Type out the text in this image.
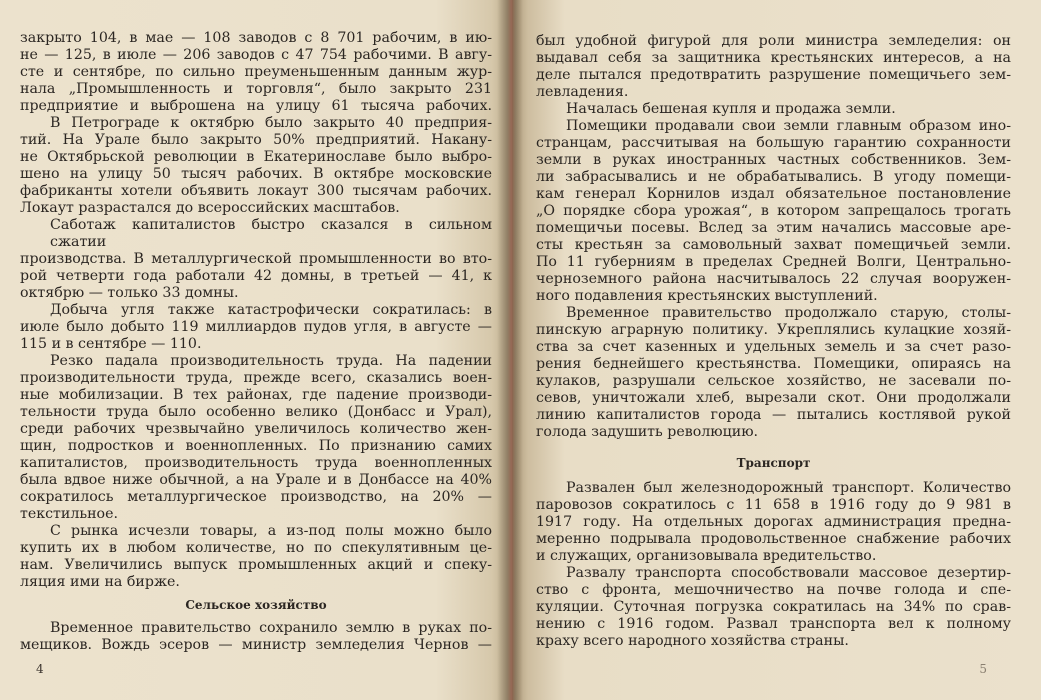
закрыто 104, в мае — 108 заводов с 8 701 рабочим, в ию-
не — 125, в июле — 206 заводов с 47 754 рабочими. В авгу-
сте и сентябре, по сильно преуменьшенным данным жур-
нала „Промышленность и торговля“, было закрыто 231
предприятие и выброшена на улицу 61 тысяча рабочих.
В Петрограде к октябрю было закрыто 40 предприя-
тий. На Урале было закрыто 50% предприятий. Накану-
не Октябрьской революции в Екатеринославе было выбро-
шено на улицу 50 тысяч рабочих. В октябре московские
фабриканты хотели объявить локаут 300 тысячам рабочих.
Локаут разрастался до всероссийских масштабов.
Саботаж капиталистов быстро сказался в сильном сжатии
производства. В металлургической промышленности во вто-
рой четверти года работали 42 домны, в третьей — 41, к
октябрю — только 33 домны.
Добыча угля также катастрофически сократилась: в
июле было добыто 119 миллиардов пудов угля, в августе —
115 и в сентябре — 110.
Резко падала производительность труда. На падении
производительности труда, прежде всего, сказались воен-
ные мобилизации. В тех районах, где падение производи-
тельности труда было особенно велико (Донбасс и Урал),
среди рабочих чрезвычайно увеличилось количество жен-
щин, подростков и военнопленных. По признанию самих
капиталистов, производительность труда военнопленных
была вдвое ниже обычной, а на Урале и в Донбассе на 40%
сократилось металлургическое производство, на 20% —
текстильное.
С рынка исчезли товары, а из-под полы можно было
купить их в любом количестве, но по спекулятивным це-
нам. Увеличились выпуск промышленных акций и спеку-
ляция ими на бирже.
Сельское хозяйство
Временное правительство сохранило землю в руках по-
мещиков. Вождь эсеров — министр земледелия Чернов —
4
был удобной фигурой для роли министра земледелия: он
выдавал себя за защитника крестьянских интересов, а на
деле пытался предотвратить разрушение помещичьего зем-
левладения.
Началась бешеная купля и продажа земли.
Помещики продавали свои земли главным образом ино-
странцам, рассчитывая на большую гарантию сохранности
земли в руках иностранных частных собственников. Зем-
ли забрасывались и не обрабатывались. В угоду помещи-
кам генерал Корнилов издал обязательное постановление
„О порядке сбора урожая“, в котором запрещалось трогать
помещичьи посевы. Вслед за этим начались массовые аре-
сты крестьян за самовольный захват помещичьей земли.
По 11 губерниям в пределах Средней Волги, Центрально-
черноземного района насчитывалось 22 случая вооружен-
ного подавления крестьянских выступлений.
Временное правительство продолжало старую, столы-
пинскую аграрную политику. Укреплялись кулацкие хозяй-
ства за счет казенных и удельных земель и за счет разо-
рения беднейшего крестьянства. Помещики, опираясь на
кулаков, разрушали сельское хозяйство, не засевали по-
севов, уничтожали хлеб, вырезали скот. Они продолжали
линию капиталистов города — пытались костлявой рукой
голода задушить революцию.
Транспорт
Развален был железнодорожный транспорт. Количество
паровозов сократилось с 11 658 в 1916 году до 9 981 в
1917 году. На отдельных дорогах администрация предна-
меренно подрывала продовольственное снабжение рабочих
и служащих, организовывала вредительство.
Развалу транспорта способствовали массовое дезертир-
ство с фронта, мешочничество на почве голода и спе-
куляции. Суточная погрузка сократилась на 34% по срав-
нению с 1916 годом. Развал транспорта вел к полному
краху всего народного хозяйства страны.
5
